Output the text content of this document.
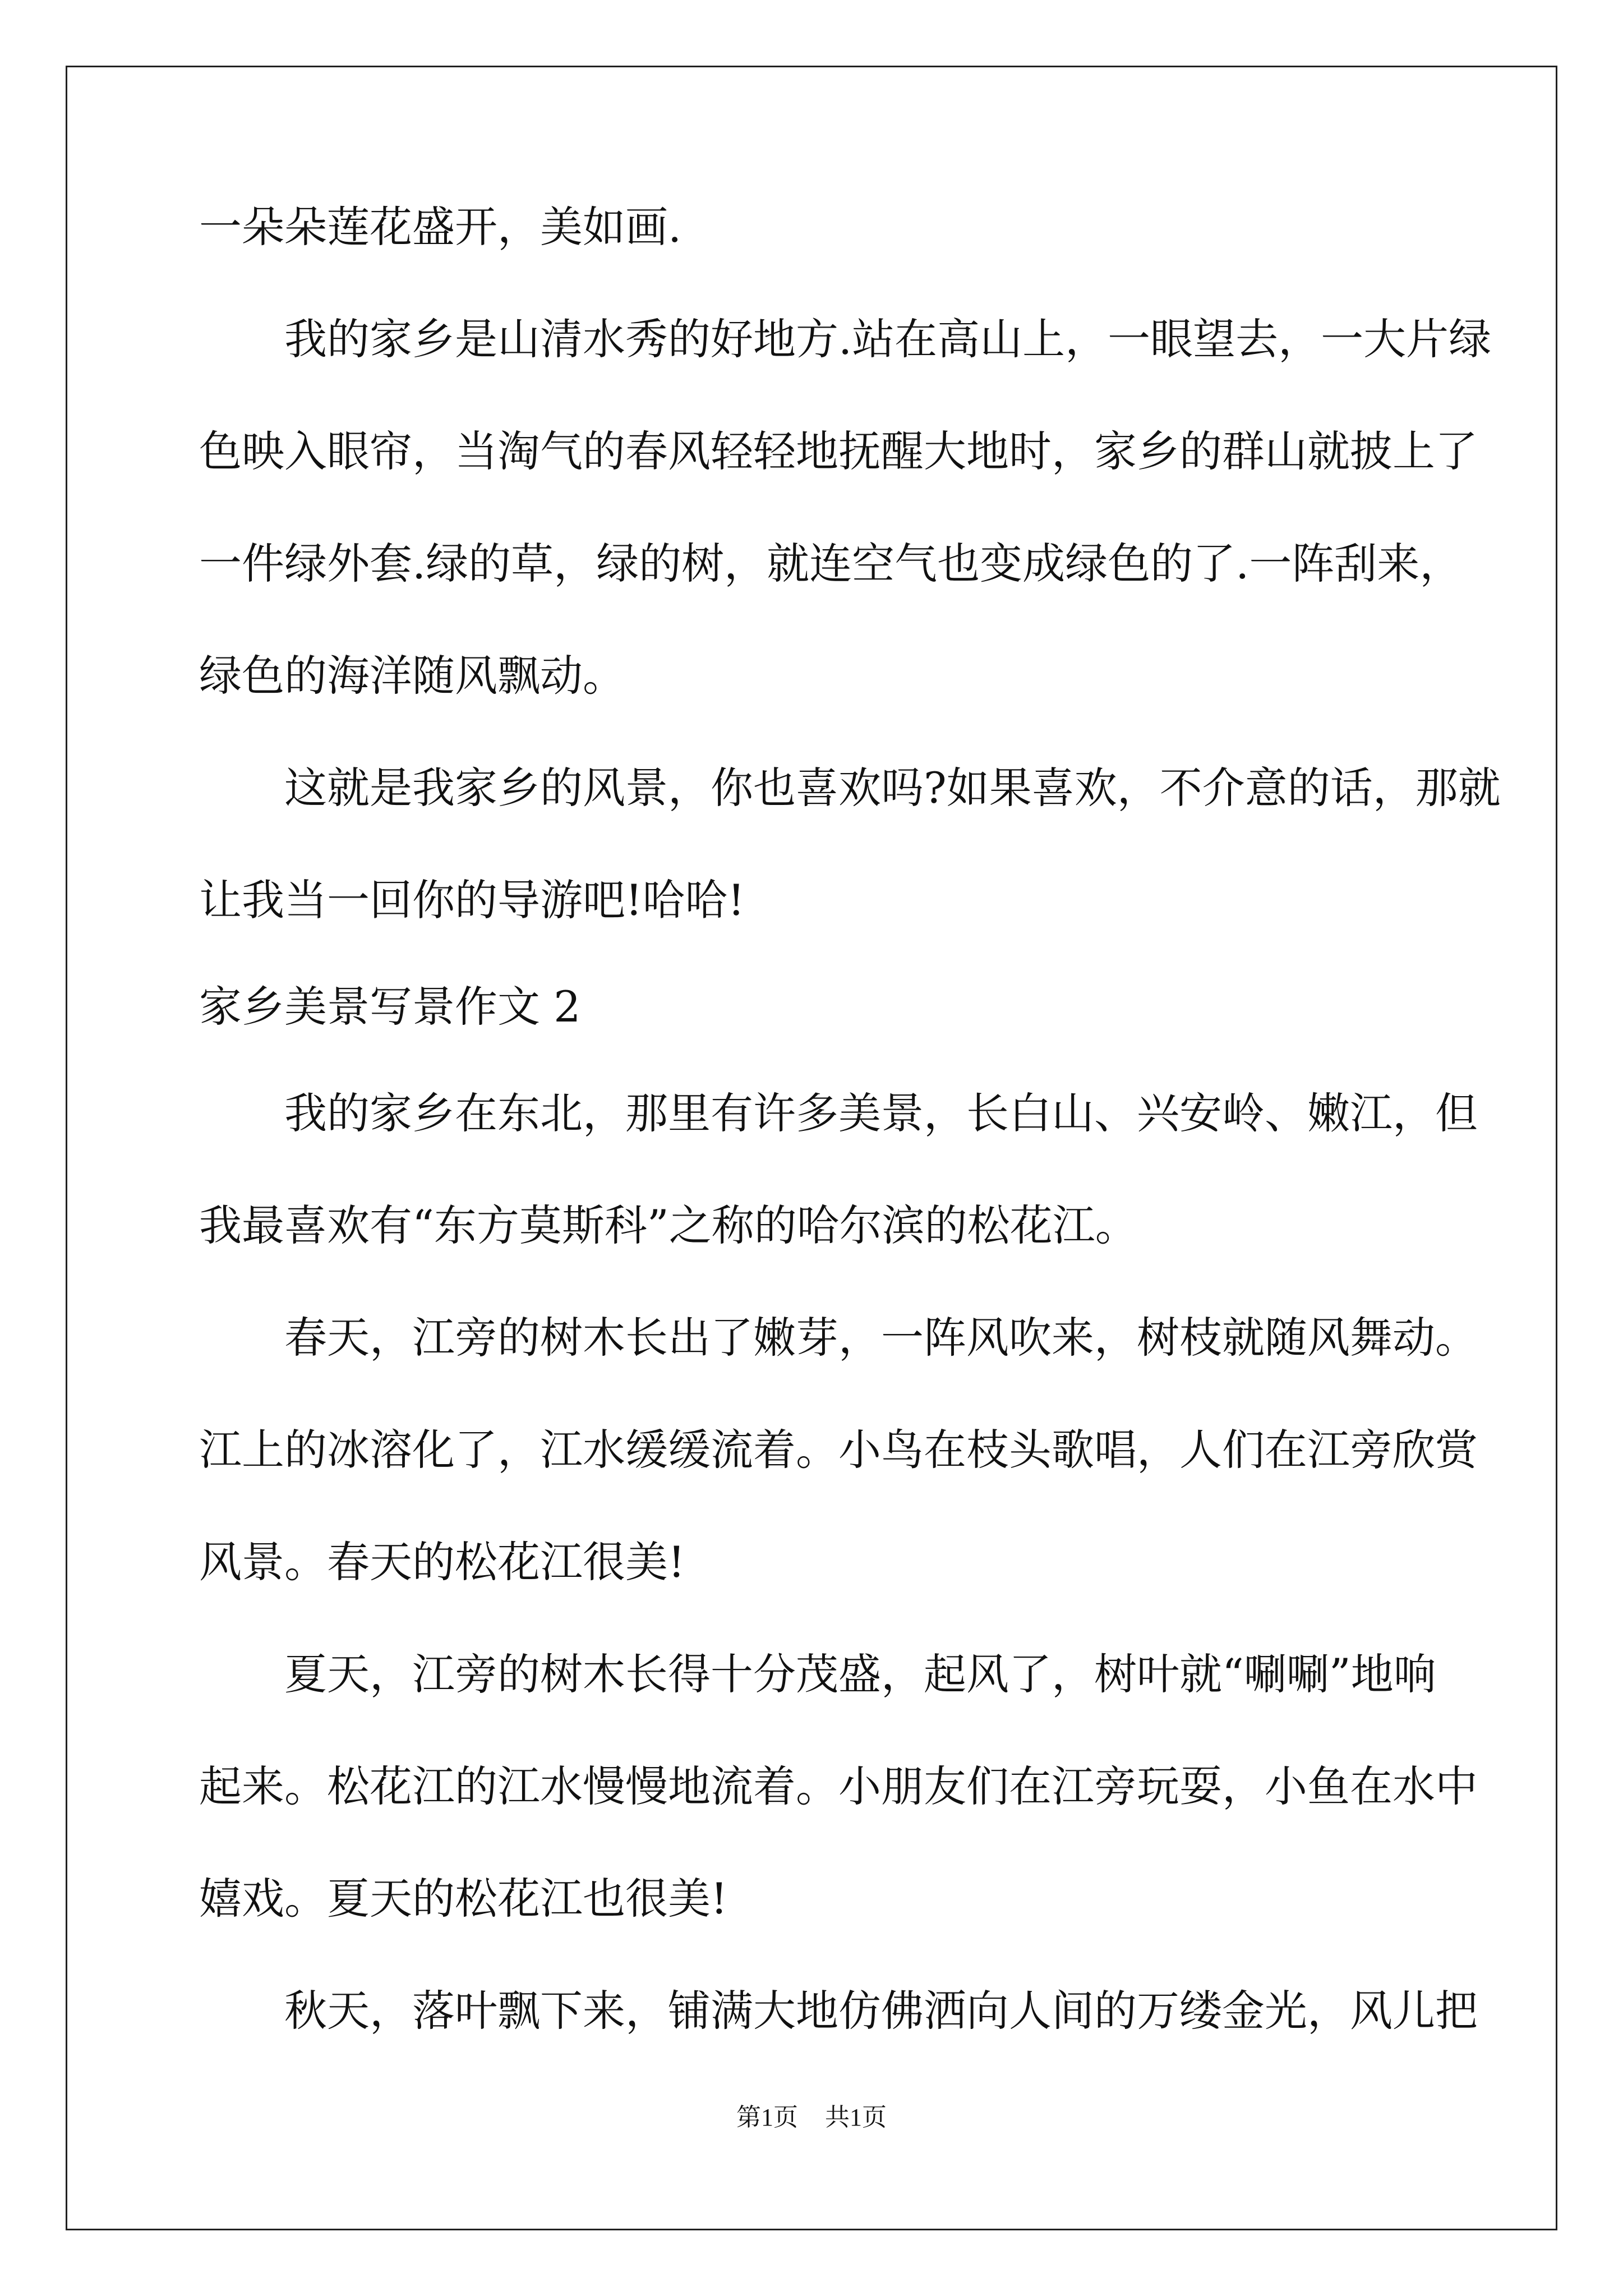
一朵朵莲花盛开，美如画.
我的家乡是山清水秀的好地方.站在高山上，一眼望去，一大片绿
色映入眼帘，当淘气的春风轻轻地抚醒大地时，家乡的群山就披上了
一件绿外套.绿的草，绿的树，就连空气也变成绿色的了.一阵刮来，
绿色的海洋随风飘动。
这就是我家乡的风景，你也喜欢吗?如果喜欢，不介意的话，那就
让我当一回你的导游吧!哈哈!
家乡美景写景作文 2
我的家乡在东北，那里有许多美景，长白山、兴安岭、嫩江，但
我最喜欢有“东方莫斯科”之称的哈尔滨的松花江。
春天，江旁的树木长出了嫩芽，一阵风吹来，树枝就随风舞动。
江上的冰溶化了，江水缓缓流着。小鸟在枝头歌唱，人们在江旁欣赏
风景。春天的松花江很美!
夏天，江旁的树木长得十分茂盛，起风了，树叶就“唰唰”地响
起来。松花江的江水慢慢地流着。小朋友们在江旁玩耍，小鱼在水中
嬉戏。夏天的松花江也很美!
秋天，落叶飘下来，铺满大地仿佛洒向人间的万缕金光，风儿把
第1页 共1页
